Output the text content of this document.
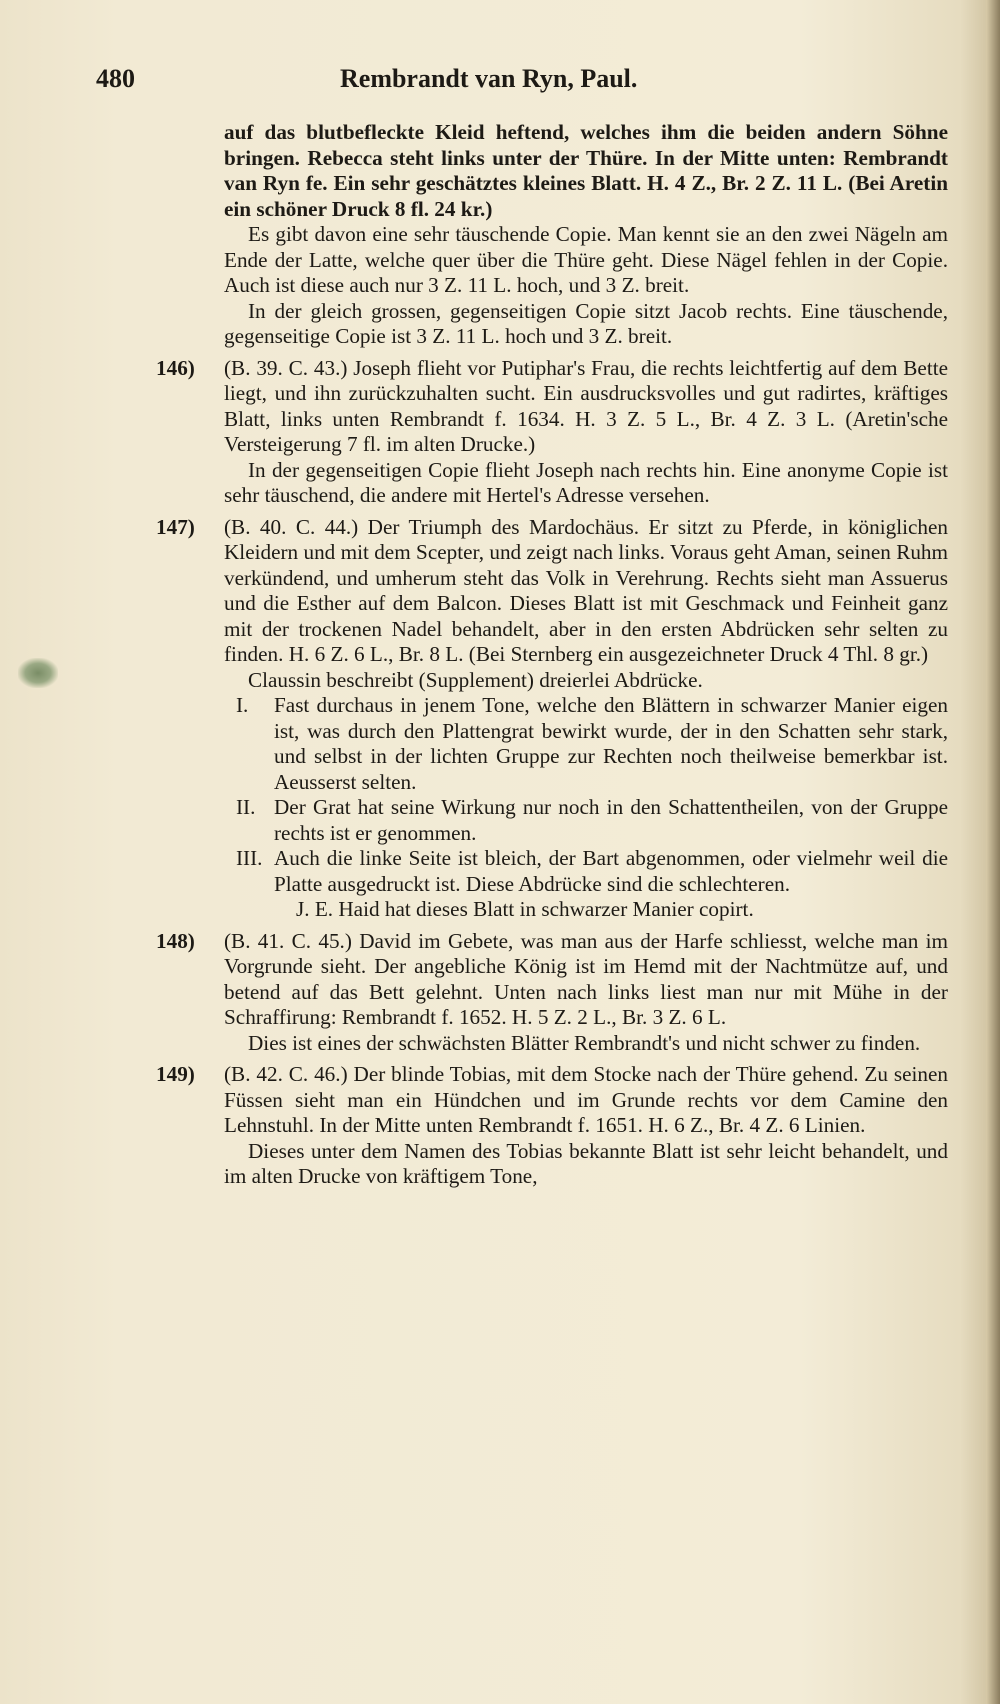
480	Rembrandt van Ryn, Paul.

auf das blutbefleckte Kleid heftend, welches ihm die beiden andern Söhne bringen. Rebecca steht links unter der Thüre. In der Mitte unten: Rembrandt van Ryn fe. Ein sehr geschätztes kleines Blatt. H. 4 Z., Br. 2 Z. 11 L. (Bei Aretin ein schöner Druck 8 fl. 24 kr.)

Es gibt davon eine sehr täuschende Copie. Man kennt sie an den zwei Nägeln am Ende der Latte, welche quer über die Thüre geht. Diese Nägel fehlen in der Copie. Auch ist diese auch nur 3 Z. 11 L. hoch, und 3 Z. breit.

In der gleich grossen, gegenseitigen Copie sitzt Jacob rechts. Eine täuschende, gegenseitige Copie ist 3 Z. 11 L. hoch und 3 Z. breit.

146) (B. 39. C. 43.) Joseph flieht vor Putiphar's Frau, die rechts leichtfertig auf dem Bette liegt, und ihn zurückzuhalten sucht. Ein ausdrucksvolles und gut radirtes, kräftiges Blatt, links unten Rembrandt f. 1634. H. 3 Z. 5 L., Br. 4 Z. 3 L. (Aretin'sche Versteigerung 7 fl. im alten Drucke.)

In der gegenseitigen Copie flieht Joseph nach rechts hin. Eine anonyme Copie ist sehr täuschend, die andere mit Hertel's Adresse versehen.

147) (B. 40. C. 44.) Der Triumph des Mardochäus. Er sitzt zu Pferde, in königlichen Kleidern und mit dem Scepter, und zeigt nach links. Voraus geht Aman, seinen Ruhm verkündend, und umherum steht das Volk in Verehrung. Rechts sieht man Assuerus und die Esther auf dem Balcon. Dieses Blatt ist mit Geschmack und Feinheit ganz mit der trockenen Nadel behandelt, aber in den ersten Abdrücken sehr selten zu finden. H. 6 Z. 6 L., Br. 8 L. (Bei Sternberg ein ausgezeichneter Druck 4 Thl. 8 gr.)

Claussin beschreibt (Supplement) dreierlei Abdrücke.

I. Fast durchaus in jenem Tone, welche den Blättern in schwarzer Manier eigen ist, was durch den Plattengrat bewirkt wurde, der in den Schatten sehr stark, und selbst in der lichten Gruppe zur Rechten noch theilweise bemerkbar ist. Aeusserst selten.
II. Der Grat hat seine Wirkung nur noch in den Schattentheilen, von der Gruppe rechts ist er genommen.
III. Auch die linke Seite ist bleich, der Bart abgenommen, oder vielmehr weil die Platte ausgedruckt ist. Diese Abdrücke sind die schlechteren.

J. E. Haid hat dieses Blatt in schwarzer Manier copirt.

148) (B. 41. C. 45.) David im Gebete, was man aus der Harfe schliesst, welche man im Vorgrunde sieht. Der angebliche König ist im Hemd mit der Nachtmütze auf, und betend auf das Bett gelehnt. Unten nach links liest man nur mit Mühe in der Schraffirung: Rembrandt f. 1652. H. 5 Z. 2 L., Br. 3 Z. 6 L.

Dies ist eines der schwächsten Blätter Rembrandt's und nicht schwer zu finden.

149) (B. 42. C. 46.) Der blinde Tobias, mit dem Stocke nach der Thüre gehend. Zu seinen Füssen sieht man ein Hündchen und im Grunde rechts vor dem Camine den Lehnstuhl. In der Mitte unten Rembrandt f. 1651. H. 6 Z., Br. 4 Z. 6 Linien.

Dieses unter dem Namen des Tobias bekannte Blatt ist sehr leicht behandelt, und im alten Drucke von kräftigem Tone,
